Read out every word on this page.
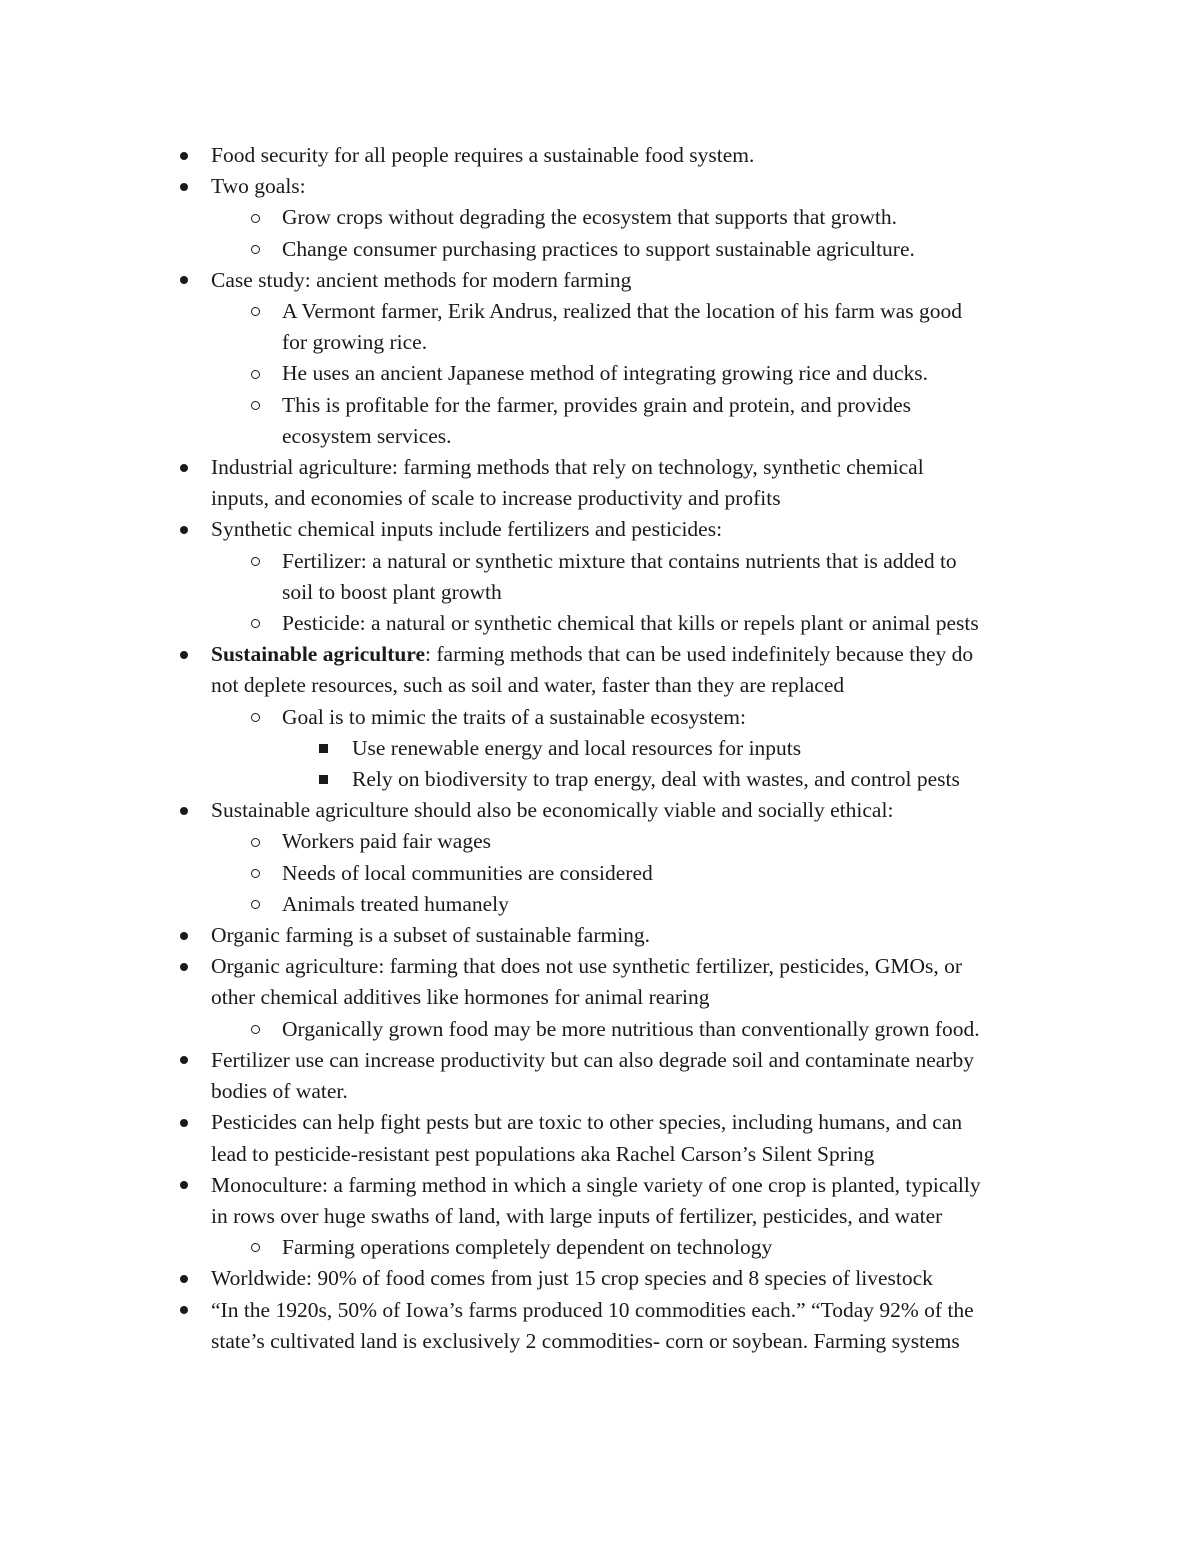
Food security for all people requires a sustainable food system.
Two goals:
Grow crops without degrading the ecosystem that supports that growth.
Change consumer purchasing practices to support sustainable agriculture.
Case study: ancient methods for modern farming
A Vermont farmer, Erik Andrus, realized that the location of his farm was good
for growing rice.
He uses an ancient Japanese method of integrating growing rice and ducks.
This is profitable for the farmer, provides grain and protein, and provides
ecosystem services.
Industrial agriculture: farming methods that rely on technology, synthetic chemical
inputs, and economies of scale to increase productivity and profits
Synthetic chemical inputs include fertilizers and pesticides:
Fertilizer: a natural or synthetic mixture that contains nutrients that is added to
soil to boost plant growth
Pesticide: a natural or synthetic chemical that kills or repels plant or animal pests
Sustainable agriculture: farming methods that can be used indefinitely because they do
not deplete resources, such as soil and water, faster than they are replaced
Goal is to mimic the traits of a sustainable ecosystem:
Use renewable energy and local resources for inputs
Rely on biodiversity to trap energy, deal with wastes, and control pests
Sustainable agriculture should also be economically viable and socially ethical:
Workers paid fair wages
Needs of local communities are considered
Animals treated humanely
Organic farming is a subset of sustainable farming.
Organic agriculture: farming that does not use synthetic fertilizer, pesticides, GMOs, or
other chemical additives like hormones for animal rearing
Organically grown food may be more nutritious than conventionally grown food.
Fertilizer use can increase productivity but can also degrade soil and contaminate nearby
bodies of water.
Pesticides can help fight pests but are toxic to other species, including humans, and can
lead to pesticide-resistant pest populations aka Rachel Carson’s Silent Spring
Monoculture: a farming method in which a single variety of one crop is planted, typically
in rows over huge swaths of land, with large inputs of fertilizer, pesticides, and water
Farming operations completely dependent on technology
Worldwide: 90% of food comes from just 15 crop species and 8 species of livestock
“In the 1920s, 50% of Iowa’s farms produced 10 commodities each.” “Today 92% of the
state’s cultivated land is exclusively 2 commodities- corn or soybean. Farming systems
